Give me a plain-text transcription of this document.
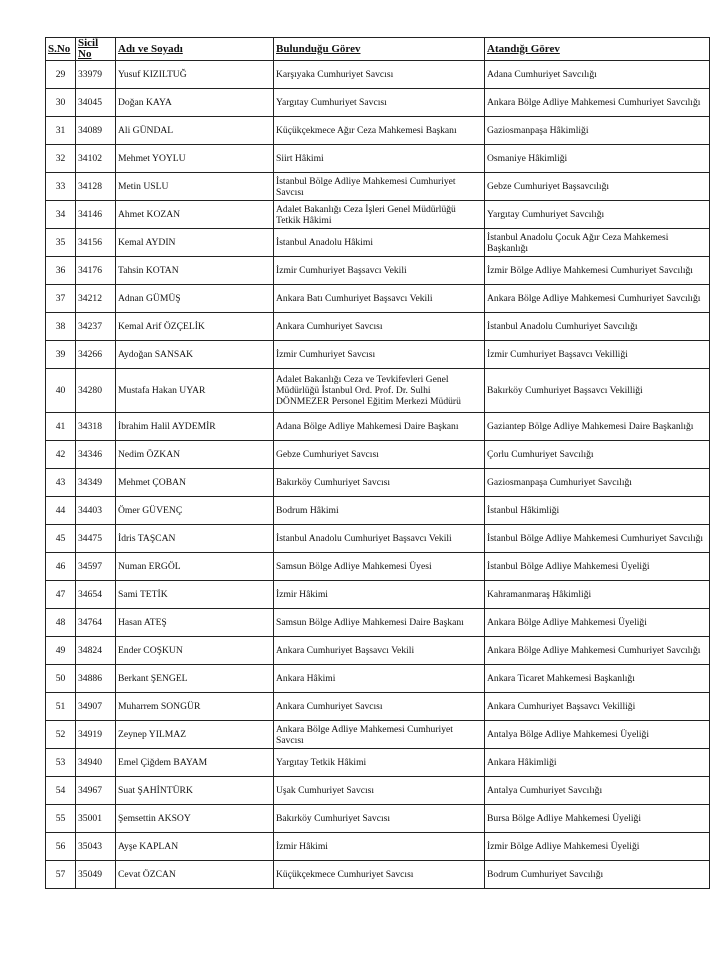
S.No	Sicil No	Adı ve Soyadı	Bulunduğu Görev	Atandığı Görev
29	33979	Yusuf KIZILTUĞ	Karşıyaka Cumhuriyet Savcısı	Adana Cumhuriyet Savcılığı
30	34045	Doğan KAYA	Yargıtay Cumhuriyet Savcısı	Ankara Bölge Adliye Mahkemesi Cumhuriyet Savcılığı
31	34089	Ali GÜNDAL	Küçükçekmece Ağır Ceza Mahkemesi Başkanı	Gaziosmanpaşa Hâkimliği
32	34102	Mehmet YOYLU	Siirt Hâkimi	Osmaniye Hâkimliği
33	34128	Metin USLU	İstanbul Bölge Adliye Mahkemesi Cumhuriyet Savcısı	Gebze Cumhuriyet Başsavcılığı
34	34146	Ahmet KOZAN	Adalet Bakanlığı Ceza İşleri Genel Müdürlüğü Tetkik Hâkimi	Yargıtay Cumhuriyet Savcılığı
35	34156	Kemal AYDIN	İstanbul Anadolu Hâkimi	İstanbul Anadolu Çocuk Ağır Ceza Mahkemesi Başkanlığı
36	34176	Tahsin KOTAN	İzmir Cumhuriyet Başsavcı Vekili	İzmir Bölge Adliye Mahkemesi Cumhuriyet Savcılığı
37	34212	Adnan GÜMÜŞ	Ankara Batı Cumhuriyet Başsavcı Vekili	Ankara Bölge Adliye Mahkemesi Cumhuriyet Savcılığı
38	34237	Kemal Arif ÖZÇELİK	Ankara Cumhuriyet Savcısı	İstanbul Anadolu Cumhuriyet Savcılığı
39	34266	Aydoğan SANSAK	İzmir Cumhuriyet Savcısı	İzmir Cumhuriyet Başsavcı Vekilliği
40	34280	Mustafa Hakan UYAR	Adalet Bakanlığı Ceza ve Tevkifevleri Genel Müdürlüğü İstanbul Ord. Prof. Dr. Sulhi DÖNMEZER Personel Eğitim Merkezi Müdürü	Bakırköy Cumhuriyet Başsavcı Vekilliği
41	34318	İbrahim Halil AYDEMİR	Adana Bölge Adliye Mahkemesi Daire Başkanı	Gaziantep Bölge Adliye Mahkemesi Daire Başkanlığı
42	34346	Nedim ÖZKAN	Gebze Cumhuriyet Savcısı	Çorlu Cumhuriyet Savcılığı
43	34349	Mehmet ÇOBAN	Bakırköy Cumhuriyet Savcısı	Gaziosmanpaşa Cumhuriyet Savcılığı
44	34403	Ömer GÜVENÇ	Bodrum Hâkimi	İstanbul Hâkimliği
45	34475	İdris TAŞCAN	İstanbul Anadolu Cumhuriyet Başsavcı Vekili	İstanbul Bölge Adliye Mahkemesi Cumhuriyet Savcılığı
46	34597	Numan ERGÖL	Samsun Bölge Adliye Mahkemesi Üyesi	İstanbul Bölge Adliye Mahkemesi Üyeliği
47	34654	Sami TETİK	İzmir Hâkimi	Kahramanmaraş Hâkimliği
48	34764	Hasan ATEŞ	Samsun Bölge Adliye Mahkemesi Daire Başkanı	Ankara Bölge Adliye Mahkemesi Üyeliği
49	34824	Ender COŞKUN	Ankara Cumhuriyet Başsavcı Vekili	Ankara Bölge Adliye Mahkemesi Cumhuriyet Savcılığı
50	34886	Berkant ŞENGEL	Ankara Hâkimi	Ankara Ticaret Mahkemesi Başkanlığı
51	34907	Muharrem SONGÜR	Ankara Cumhuriyet Savcısı	Ankara Cumhuriyet Başsavcı Vekilliği
52	34919	Zeynep YILMAZ	Ankara Bölge Adliye Mahkemesi Cumhuriyet Savcısı	Antalya Bölge Adliye Mahkemesi Üyeliği
53	34940	Emel Çiğdem BAYAM	Yargıtay Tetkik Hâkimi	Ankara Hâkimliği
54	34967	Suat ŞAHİNTÜRK	Uşak Cumhuriyet Savcısı	Antalya Cumhuriyet Savcılığı
55	35001	Şemsettin AKSOY	Bakırköy Cumhuriyet Savcısı	Bursa Bölge Adliye Mahkemesi Üyeliği
56	35043	Ayşe KAPLAN	İzmir Hâkimi	İzmir Bölge Adliye Mahkemesi Üyeliği
57	35049	Cevat ÖZCAN	Küçükçekmece Cumhuriyet Savcısı	Bodrum Cumhuriyet Savcılığı
